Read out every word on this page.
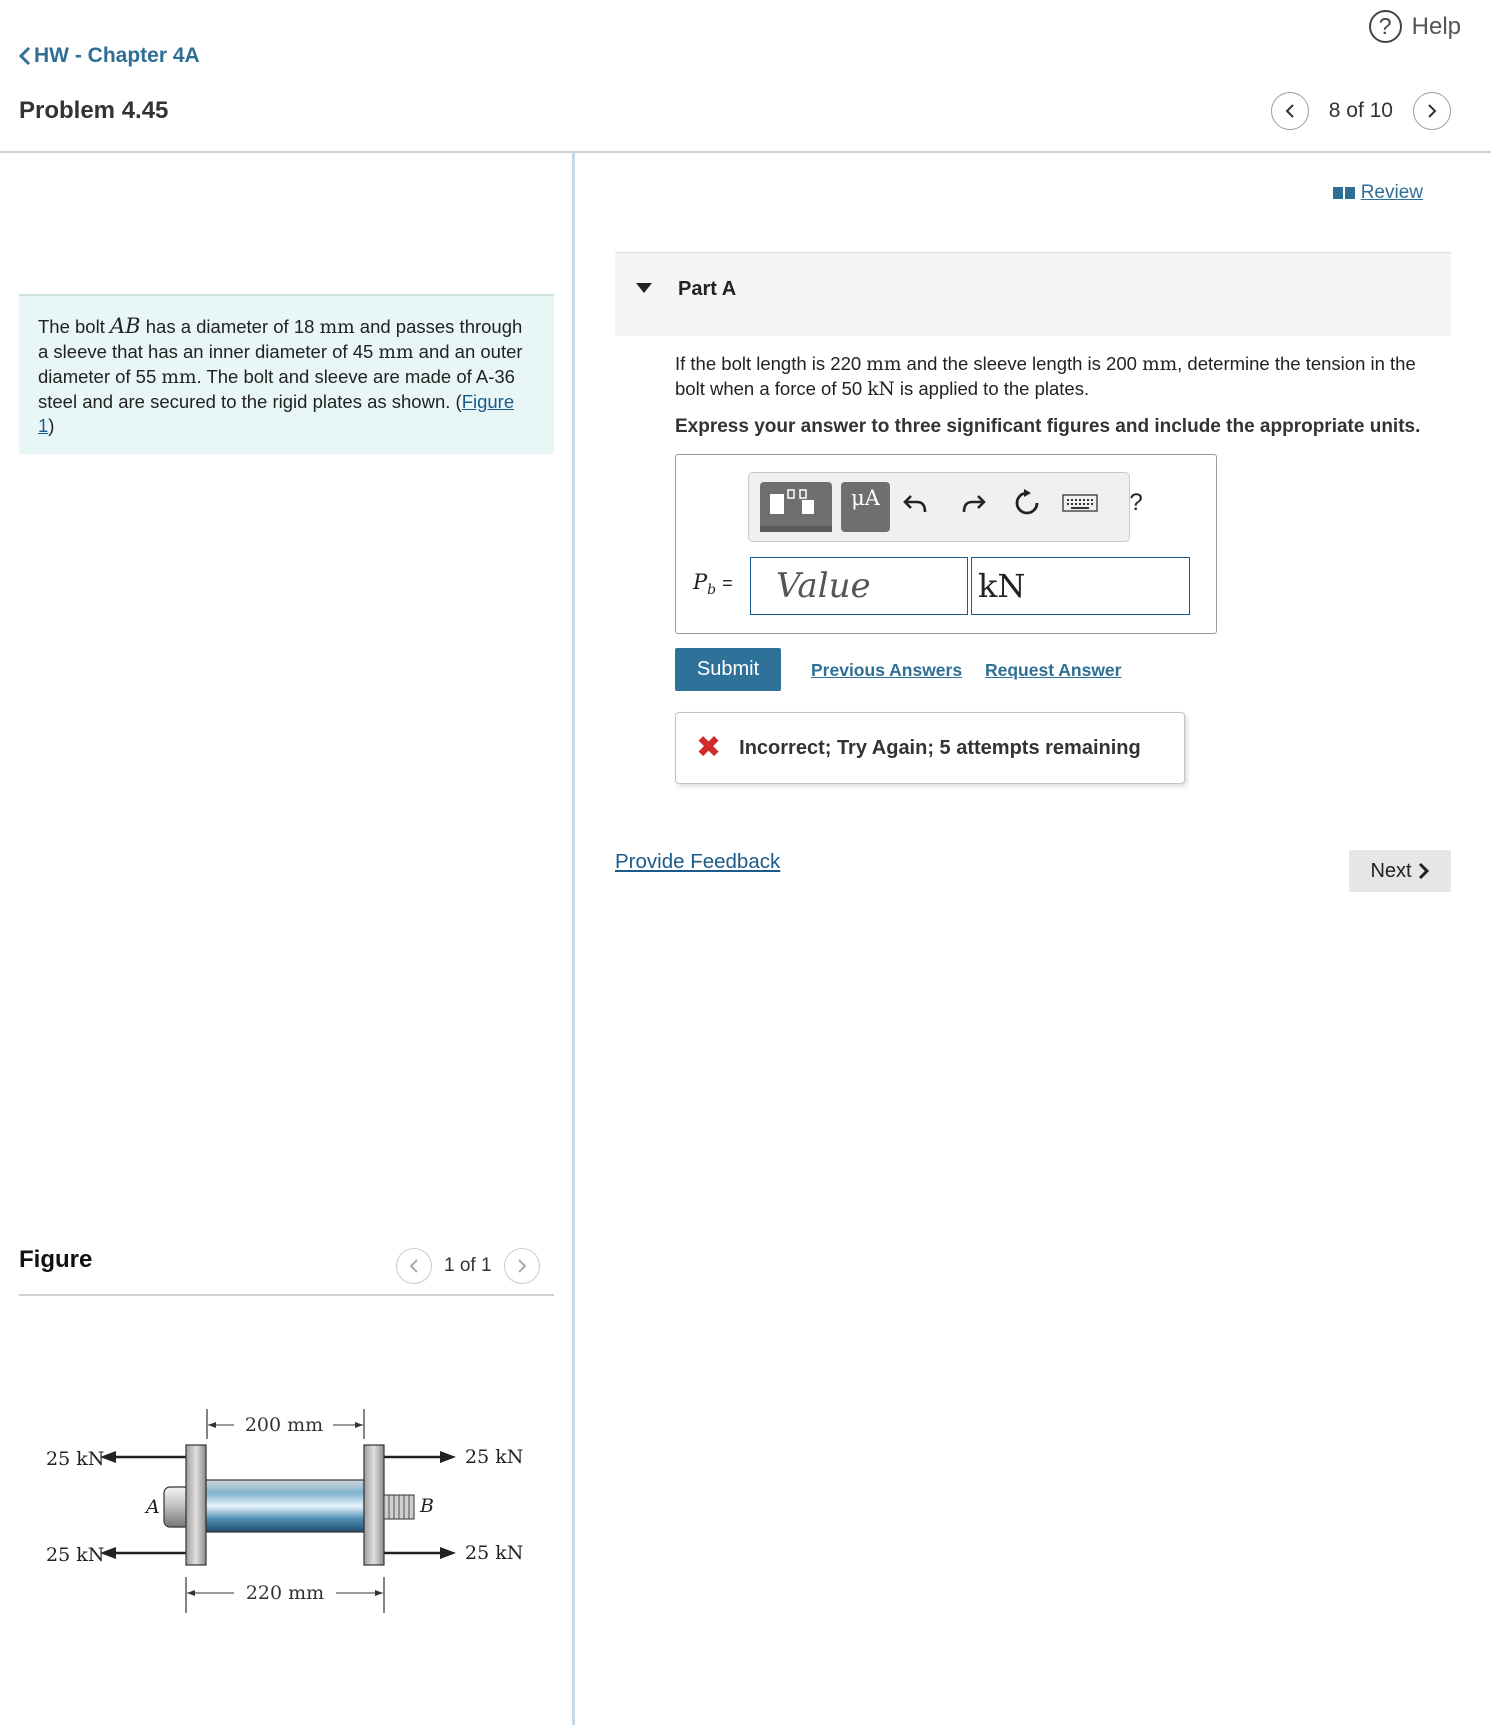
? Help
HW - Chapter 4A
Problem 4.45	8 of 10
The bolt AB has a diameter of 18 mm and passes through a sleeve that has an inner diameter of 45 mm and an outer diameter of 55 mm. The bolt and sleeve are made of A-36 steel and are secured to the rigid plates as shown. (Figure 1)
Figure	1 of 1
200 mm
25 kN
25 kN
25 kN
25 kN
A	B
220 mm
Review
Part A
If the bolt length is 220 mm and the sleeve length is 200 mm, determine the tension in the bolt when a force of 50 kN is applied to the plates.
Express your answer to three significant figures and include the appropriate units.
μA	?
$P_b$ =
Value
kN
Submit	Previous Answers Request Answer
✖ Incorrect; Try Again; 5 attempts remaining
Provide Feedback	Next
